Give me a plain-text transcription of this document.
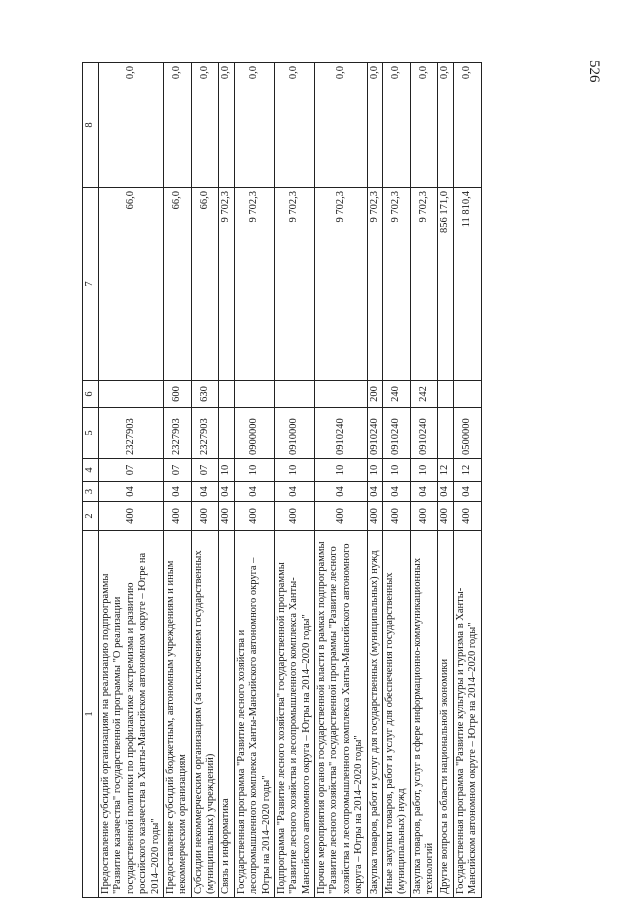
526
1	2	3	4	5	6	7	8
Предоставление субсидий организациям на реализацию подпрограммы "Развитие казачества" государственной программы "О реализации государственной политики по профилактике экстремизма и развитию российского казачества в Ханты-Мансийском автономном округе – Югре на 2014–2020 годы"	400	04	07	2327903		66,0	0,0
Предоставление субсидий бюджетным, автономным учреждениям и иным некоммерческим организациям	400	04	07	2327903	600	66,0	0,0
Субсидии некоммерческим организациям (за исключением государственных (муниципальных) учреждений)	400	04	07	2327903	630	66,0	0,0
Связь и информатика	400	04	10			9 702,3	0,0
Государственная программа "Развитие лесного хозяйства и лесопромышленного комплекса Ханты-Мансийского автономного округа – Югры на 2014–2020 годы"	400	04	10	0900000		9 702,3	0,0
Подпрограмма "Развитие лесного хозяйства" государственной программы "Развитие лесного хозяйства и лесопромышленного комплекса Ханты-Мансийского автономного округа – Югры на 2014–2020 годы"	400	04	10	0910000		9 702,3	0,0
Прочие мероприятия органов государственной власти в рамках подпрограммы "Развитие лесного хозяйства" государственной программы "Развитие лесного хозяйства и лесопромышленного комплекса Ханты-Мансийского автономного округа – Югры на 2014–2020 годы"	400	04	10	0910240		9 702,3	0,0
Закупка товаров, работ и услуг для государственных (муниципальных) нужд	400	04	10	0910240	200	9 702,3	0,0
Иные закупки товаров, работ и услуг для обеспечения государственных (муниципальных) нужд	400	04	10	0910240	240	9 702,3	0,0
Закупка товаров, работ, услуг в сфере информационно-коммуникационных технологий	400	04	10	0910240	242	9 702,3	0,0
Другие вопросы в области национальной экономики	400	04	12			856 171,0	0,0
Государственная программа "Развитие культуры и туризма в Ханты-Мансийском автономном округе – Югре на 2014–2020 годы"	400	04	12	0500000		11 810,4	0,0
